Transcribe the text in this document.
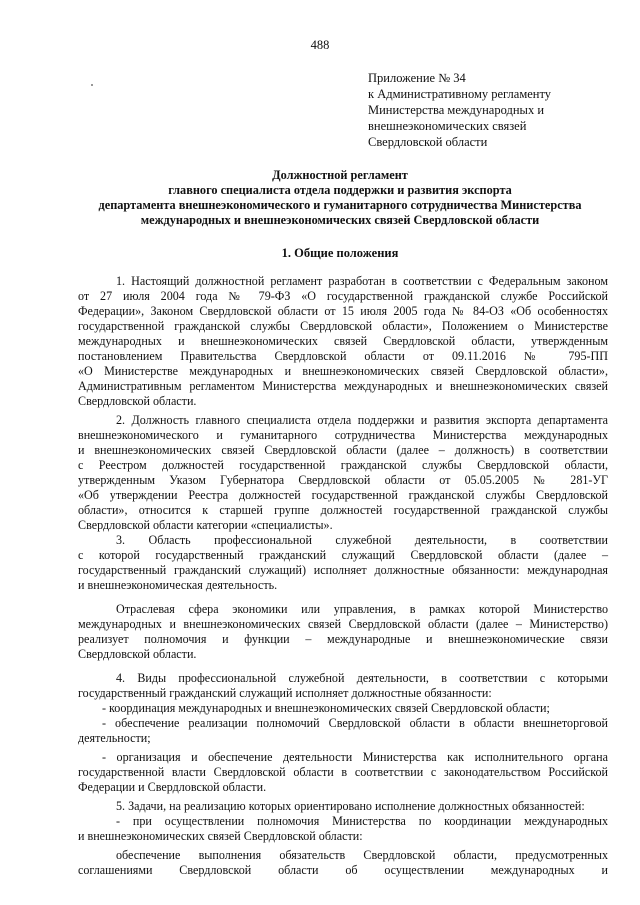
488
Приложение № 34
к Административному регламенту
Министерства международных и
внешнеэкономических связей
Свердловской области
Должностной регламент
главного специалиста отдела поддержки и развития экспорта
департамента внешнеэкономического и гуманитарного сотрудничества Министерства
международных и внешнеэкономических связей Свердловской области
1. Общие положения

1. Настоящий должностной регламент разработан в соответствии с Федеральным законом
от 27 июля 2004 года № 79-ФЗ «О государственной гражданской службе Российской
Федерации», Законом Свердловской области от 15 июля 2005 года № 84-ОЗ «Об особенностях
государственной гражданской службы Свердловской области», Положением о Министерстве
международных и внешнеэкономических связей Свердловской области, утвержденным
постановлением Правительства Свердловской области от 09.11.2016 № 795-ПП
«О Министерстве международных и внешнеэкономических связей Свердловской области»,
Административным регламентом Министерства международных и внешнеэкономических связей
Свердловской области.

2. Должность главного специалиста отдела поддержки и развития экспорта департамента
внешнеэкономического и гуманитарного сотрудничества Министерства международных
и внешнеэкономических связей Свердловской области (далее – должность) в соответствии
с Реестром должностей государственной гражданской службы Свердловской области,
утвержденным Указом Губернатора Свердловской области от 05.05.2005 № 281-УГ
«Об утверждении Реестра должностей государственной гражданской службы Свердловской
области», относится к старшей группе должностей государственной гражданской службы
Свердловской области категории «специалисты».

3. Область профессиональной служебной деятельности, в соответствии
с которой государственный гражданский служащий Свердловской области (далее –
государственный гражданский служащий) исполняет должностные обязанности: международная
и внешнеэкономическая деятельность.

Отраслевая сфера экономики или управления, в рамках которой Министерство
международных и внешнеэкономических связей Свердловской области (далее – Министерство)
реализует полномочия и функции – международные и внешнеэкономические связи
Свердловской области.

4. Виды профессиональной служебной деятельности, в соответствии с которыми
государственный гражданский служащий исполняет должностные обязанности:

- координация международных и внешнеэкономических связей Свердловской области;

- обеспечение реализации полномочий Свердловской области в области внешнеторговой
деятельности;

- организация и обеспечение деятельности Министерства как исполнительного органа
государственной власти Свердловской области в соответствии с законодательством Российской
Федерации и Свердловской области.

5. Задачи, на реализацию которых ориентировано исполнение должностных обязанностей:

- при осуществлении полномочия Министерства по координации международных
и внешнеэкономических связей Свердловской области:

обеспечение выполнения обязательств Свердловской области, предусмотренных
соглашениями Свердловской области об осуществлении международных и
